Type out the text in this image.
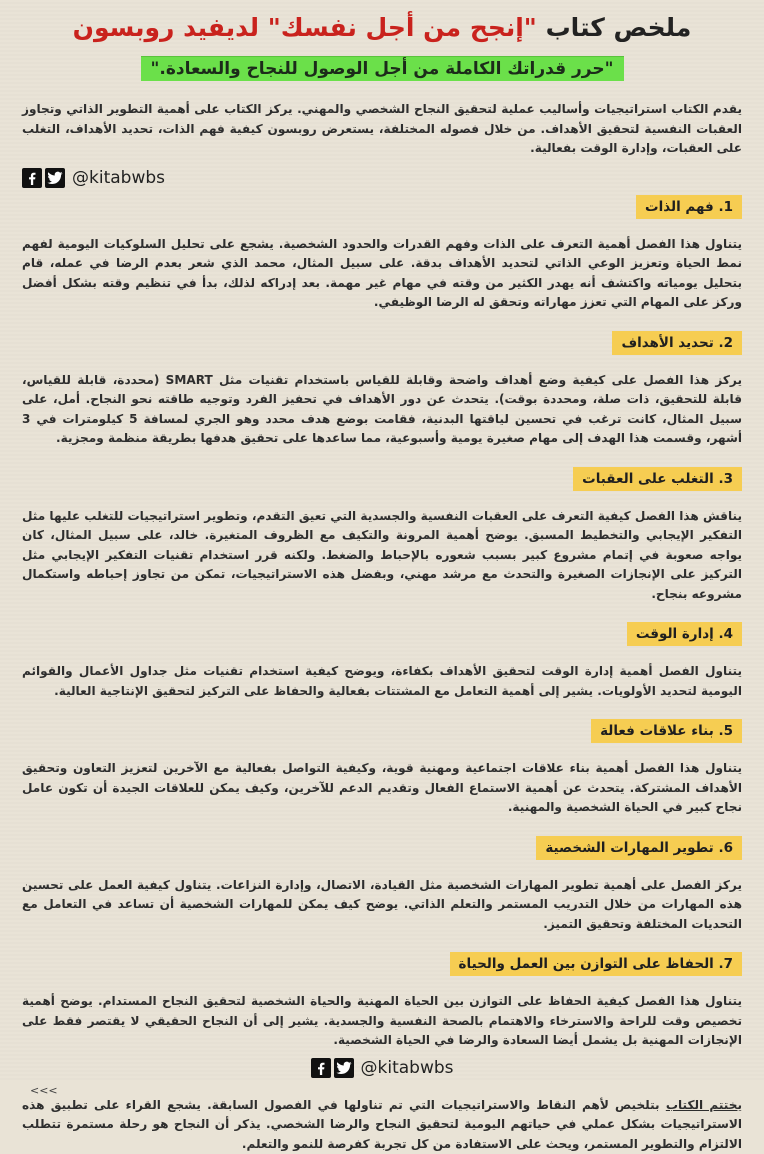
ملخص كتاب "إنجح من أجل نفسك" لديفيد روبسون
"حرر قدراتك الكاملة من أجل الوصول للنجاح والسعادة."

يقدم الكتاب استراتيجيات وأساليب عملية لتحقيق النجاح الشخصي والمهني. يركز الكتاب على أهمية التطوير الذاتي وتجاوز العقبات النفسية لتحقيق الأهداف. من خلال فصوله المختلفة، يستعرض روبسون كيفية فهم الذات، تحديد الأهداف، التغلب على العقبات، وإدارة الوقت بفعالية.

@kitabwbs
1. فهم الذات

يتناول هذا الفصل أهمية التعرف على الذات وفهم القدرات والحدود الشخصية. يشجع على تحليل السلوكيات اليومية لفهم نمط الحياة وتعزيز الوعي الذاتي لتحديد الأهداف بدقة. على سبيل المثال، محمد الذي شعر بعدم الرضا في عمله، قام بتحليل يومياته واكتشف أنه يهدر الكثير من وقته في مهام غير مهمة. بعد إدراكه لذلك، بدأ في تنظيم وقته بشكل أفضل وركز على المهام التي تعزز مهاراته وتحقق له الرضا الوظيفي.

2. تحديد الأهداف

يركز هذا الفصل على كيفية وضع أهداف واضحة وقابلة للقياس باستخدام تقنيات مثل SMART (محددة، قابلة للقياس، قابلة للتحقيق، ذات صلة، ومحددة بوقت). يتحدث عن دور الأهداف في تحفيز الفرد وتوجيه طاقته نحو النجاح. أمل، على سبيل المثال، كانت ترغب في تحسين لياقتها البدنية، فقامت بوضع هدف محدد وهو الجري لمسافة 5 كيلومترات في 3 أشهر، وقسمت هذا الهدف إلى مهام صغيرة يومية وأسبوعية، مما ساعدها على تحقيق هدفها بطريقة منظمة ومجزية.

3. التغلب على العقبات

يناقش هذا الفصل كيفية التعرف على العقبات النفسية والجسدية التي تعيق التقدم، وتطوير استراتيجيات للتغلب عليها مثل التفكير الإيجابي والتخطيط المسبق. يوضح أهمية المرونة والتكيف مع الظروف المتغيرة. خالد، على سبيل المثال، كان يواجه صعوبة في إتمام مشروع كبير بسبب شعوره بالإحباط والضغط. ولكنه قرر استخدام تقنيات التفكير الإيجابي مثل التركيز على الإنجازات الصغيرة والتحدث مع مرشد مهني، وبفضل هذه الاستراتيجيات، تمكن من تجاوز إحباطه واستكمال مشروعه بنجاح.

4. إدارة الوقت

يتناول الفصل أهمية إدارة الوقت لتحقيق الأهداف بكفاءة، ويوضح كيفية استخدام تقنيات مثل جداول الأعمال والقوائم اليومية لتحديد الأولويات. يشير إلى أهمية التعامل مع المشتتات بفعالية والحفاظ على التركيز لتحقيق الإنتاجية العالية.

5. بناء علاقات فعالة

يتناول هذا الفصل أهمية بناء علاقات اجتماعية ومهنية قوية، وكيفية التواصل بفعالية مع الآخرين لتعزيز التعاون وتحقيق الأهداف المشتركة. يتحدث عن أهمية الاستماع الفعال وتقديم الدعم للآخرين، وكيف يمكن للعلاقات الجيدة أن تكون عامل نجاح كبير في الحياة الشخصية والمهنية.

6. تطوير المهارات الشخصية

يركز الفصل على أهمية تطوير المهارات الشخصية مثل القيادة، الاتصال، وإدارة النزاعات. يتناول كيفية العمل على تحسين هذه المهارات من خلال التدريب المستمر والتعلم الذاتي. يوضح كيف يمكن للمهارات الشخصية أن تساعد في التعامل مع التحديات المختلفة وتحقيق التميز.

7. الحفاظ على التوازن بين العمل والحياة

يتناول هذا الفصل كيفية الحفاظ على التوازن بين الحياة المهنية والحياة الشخصية لتحقيق النجاح المستدام. يوضح أهمية تخصيص وقت للراحة والاسترخاء والاهتمام بالصحة النفسية والجسدية. يشير إلى أن النجاح الحقيقي لا يقتصر فقط على الإنجازات المهنية بل يشمل أيضا السعادة والرضا في الحياة الشخصية.

@kitabwbs
<<<

يختتم الكتاب بتلخيص لأهم النقاط والاستراتيجيات التي تم تناولها في الفصول السابقة. يشجع القراء على تطبيق هذه الاستراتيجيات بشكل عملي في حياتهم اليومية لتحقيق النجاح والرضا الشخصي. يذكر أن النجاح هو رحلة مستمرة تتطلب الالتزام والتطوير المستمر، ويحث على الاستفادة من كل تجربة كفرصة للنمو والتعلم.
